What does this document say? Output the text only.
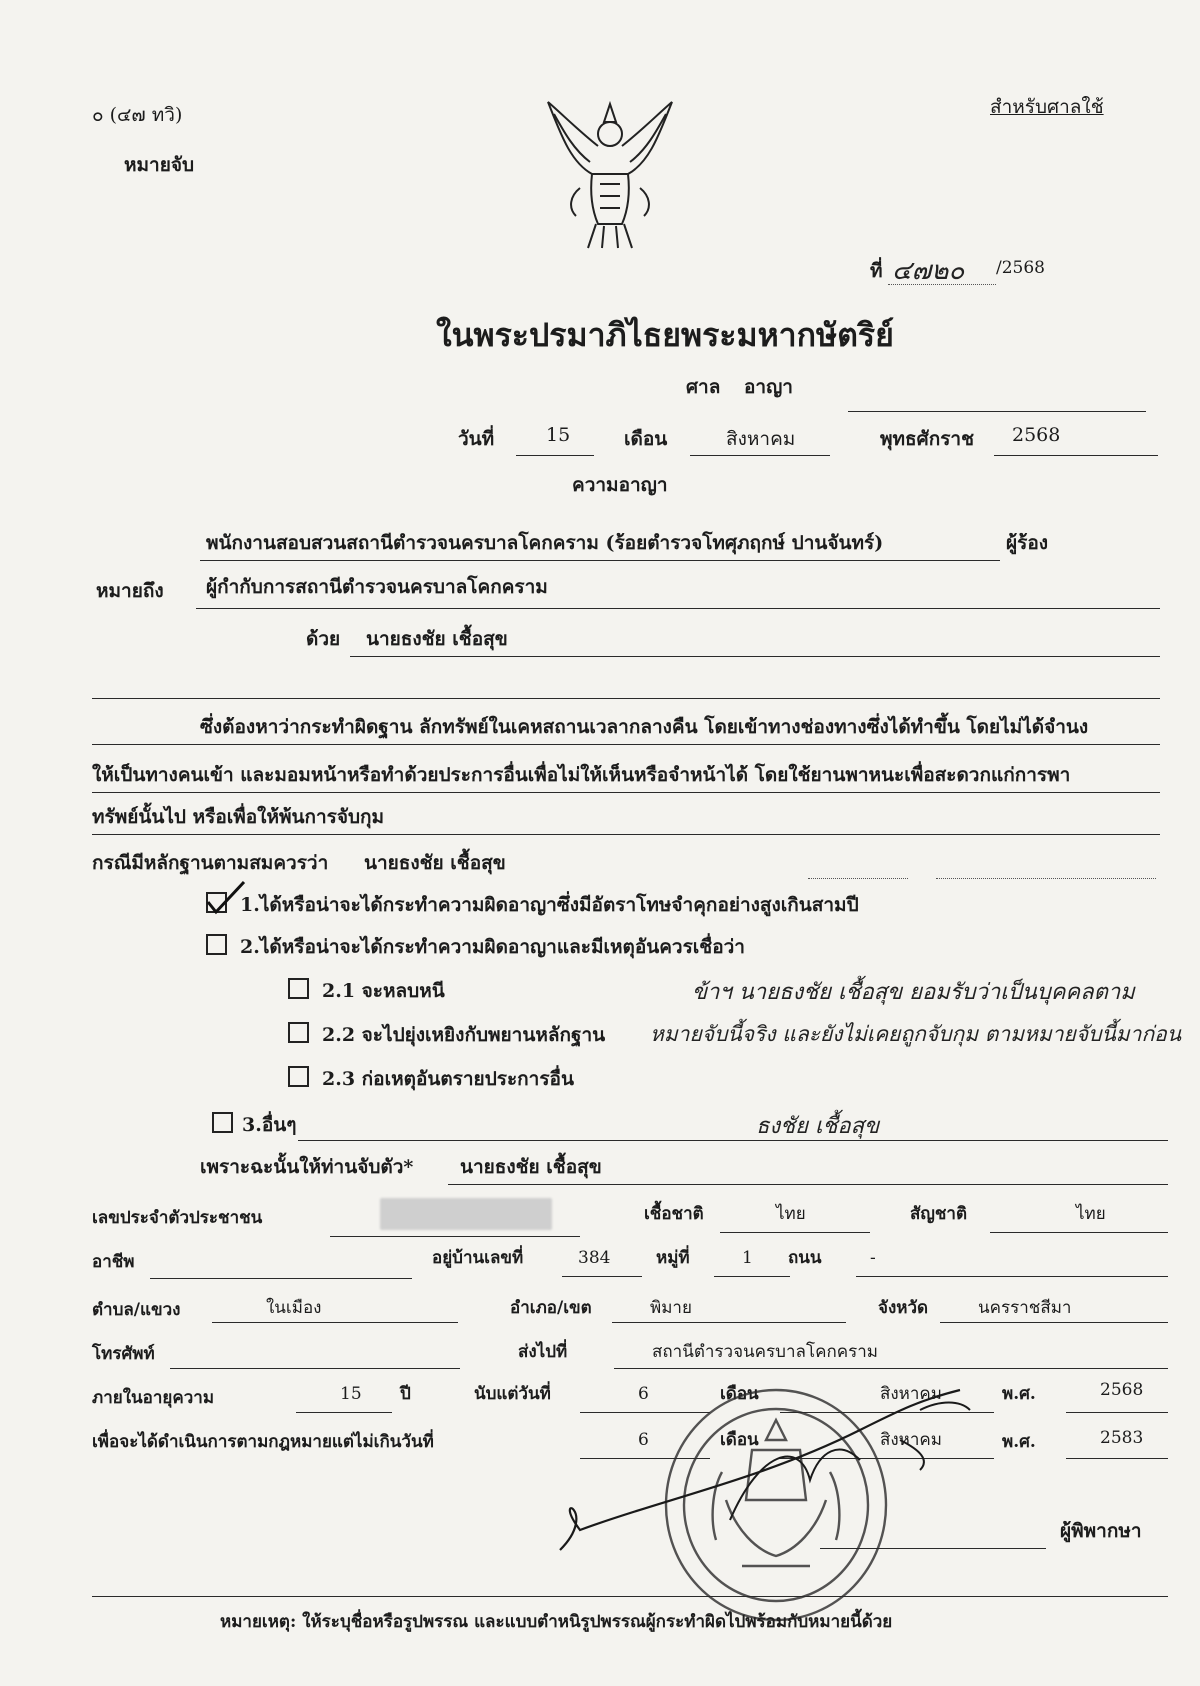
๐ (๔๗ ทวิ)
หมายจับ
สำหรับศาลใช้
ที่ ๔๗๒๐ /2568
ในพระปรมาภิไธยพระมหากษัตริย์
ศาล อาญา
วันที่	15	เดือน	สิงหาคม	พุทธศักราช 2568
ความอาญา
พนักงานสอบสวนสถานีตำรวจนครบาลโคกคราม (ร้อยตำรวจโทศุภฤกษ์ ปานจันทร์)	ผู้ร้อง
หมายถึง ผู้กำกับการสถานีตำรวจนครบาลโคกคราม
ด้วย นายธงชัย เชื้อสุข
ซึ่งต้องหาว่ากระทำผิดฐาน ลักทรัพย์ในเคหสถานเวลากลางคืน โดยเข้าทางช่องทางซึ่งได้ทำขึ้น โดยไม่ได้จำนง
ให้เป็นทางคนเข้า และมอมหน้าหรือทำด้วยประการอื่นเพื่อไม่ให้เห็นหรือจำหน้าได้ โดยใช้ยานพาหนะเพื่อสะดวกแก่การพา
ทรัพย์นั้นไป หรือเพื่อให้พ้นการจับกุม
กรณีมีหลักฐานตามสมควรว่า นายธงชัย เชื้อสุข
1.ได้หรือน่าจะได้กระทำความผิดอาญาซึ่งมีอัตราโทษจำคุกอย่างสูงเกินสามปี
2.ได้หรือน่าจะได้กระทำความผิดอาญาและมีเหตุอันควรเชื่อว่า
2.1 จะหลบหนี
2.2 จะไปยุ่งเหยิงกับพยานหลักฐาน
2.3 ก่อเหตุอันตรายประการอื่น
3.อื่นๆ
ข้าฯ นายธงชัย เชื้อสุข ยอมรับว่าเป็นบุคคลตาม
หมายจับนี้จริง และยังไม่เคยถูกจับกุม ตามหมายจับนี้มาก่อน
ธงชัย เชื้อสุข
เพราะฉะนั้นให้ท่านจับตัว* นายธงชัย เชื้อสุข
เลขประจำตัวประชาชน	เชื้อชาติ	ไทย	สัญชาติ	ไทย
อาชีพ	อยู่บ้านเลขที่	384	หมู่ที่	1 ถนน	-
ตำบล/แขวง	ในเมือง	อำเภอ/เขต	พิมาย	จังหวัด	นครราชสีมา
โทรศัพท์	ส่งไปที่	สถานีตำรวจนครบาลโคกคราม
ภายในอายุความ	15 ปี	นับแต่วันที่	6	เดือน	สิงหาคม	พ.ศ.	2568
เพื่อจะได้ดำเนินการตามกฎหมายแต่ไม่เกินวันที่	6	เดือน	สิงหาคม	พ.ศ.	2583
ผู้พิพากษา
หมายเหตุ: ให้ระบุชื่อหรือรูปพรรณ และแบบตำหนิรูปพรรณผู้กระทำผิดไปพร้อมกับหมายนี้ด้วย
